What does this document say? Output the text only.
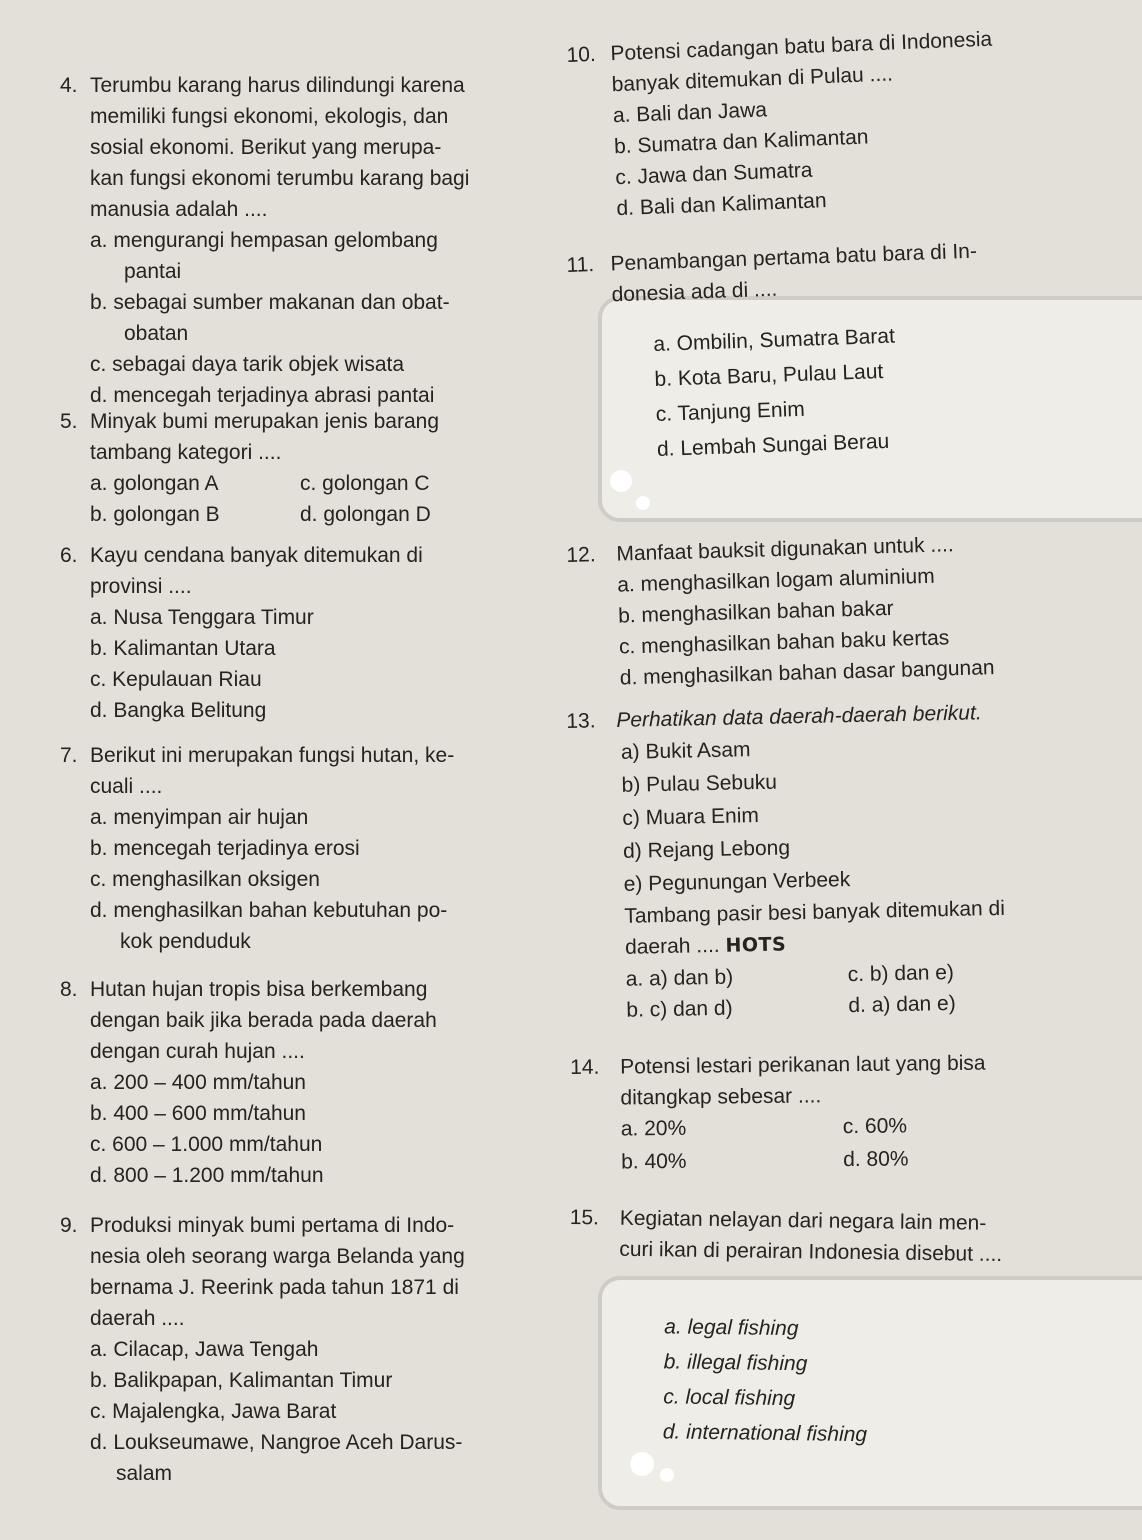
4. Terumbu karang harus dilindungi karena

memiliki fungsi ekonomi, ekologis, dan

sosial ekonomi. Berikut yang merupa-

kan fungsi ekonomi terumbu karang bagi

manusia adalah ....

a. mengurangi hempasan gelombang

pantai

b. sebagai sumber makanan dan obat-

obatan

c. sebagai daya tarik objek wisata

d. mencegah terjadinya abrasi pantai

5. Minyak bumi merupakan jenis barang

tambang kategori ....

a. golongan A	c. golongan C
b. golongan B	d. golongan D

6. Kayu cendana banyak ditemukan di

provinsi ....

a. Nusa Tenggara Timur

b. Kalimantan Utara

c. Kepulauan Riau

d. Bangka Belitung

7. Berikut ini merupakan fungsi hutan, ke-

cuali ....

a. menyimpan air hujan

b. mencegah terjadinya erosi

c. menghasilkan oksigen

d. menghasilkan bahan kebutuhan po-

kok penduduk

8. Hutan hujan tropis bisa berkembang

dengan baik jika berada pada daerah

dengan curah hujan ....

a. 200 – 400 mm/tahun

b. 400 – 600 mm/tahun

c. 600 – 1.000 mm/tahun

d. 800 – 1.200 mm/tahun

9. Produksi minyak bumi pertama di Indo-

nesia oleh seorang warga Belanda yang

bernama J. Reerink pada tahun 1871 di

daerah ....

a. Cilacap, Jawa Tengah

b. Balikpapan, Kalimantan Timur

c. Majalengka, Jawa Barat

d. Loukseumawe, Nangroe Aceh Darus-

salam

10. Potensi cadangan batu bara di Indonesia

banyak ditemukan di Pulau ....

a. Bali dan Jawa

b. Sumatra dan Kalimantan

c. Jawa dan Sumatra

d. Bali dan Kalimantan

11. Penambangan pertama batu bara di In-

donesia ada di ....

a. Ombilin, Sumatra Barat

b. Kota Baru, Pulau Laut

c. Tanjung Enim

d. Lembah Sungai Berau

12. Manfaat bauksit digunakan untuk ....

a. menghasilkan logam aluminium

b. menghasilkan bahan bakar

c. menghasilkan bahan baku kertas

d. menghasilkan bahan dasar bangunan

13. Perhatikan data daerah-daerah berikut.

a) Bukit Asam

b) Pulau Sebuku

c) Muara Enim

d) Rejang Lebong

e) Pegunungan Verbeek

Tambang pasir besi banyak ditemukan di

daerah .... HOTS

a. a) dan b)	c. b) dan e)
b. c) dan d)	d. a) dan e)

14. Potensi lestari perikanan laut yang bisa

ditangkap sebesar ....

a. 20%	c. 60%
b. 40%	d. 80%

15. Kegiatan nelayan dari negara lain men-

curi ikan di perairan Indonesia disebut ....

a. legal fishing

b. illegal fishing

c. local fishing

d. international fishing
